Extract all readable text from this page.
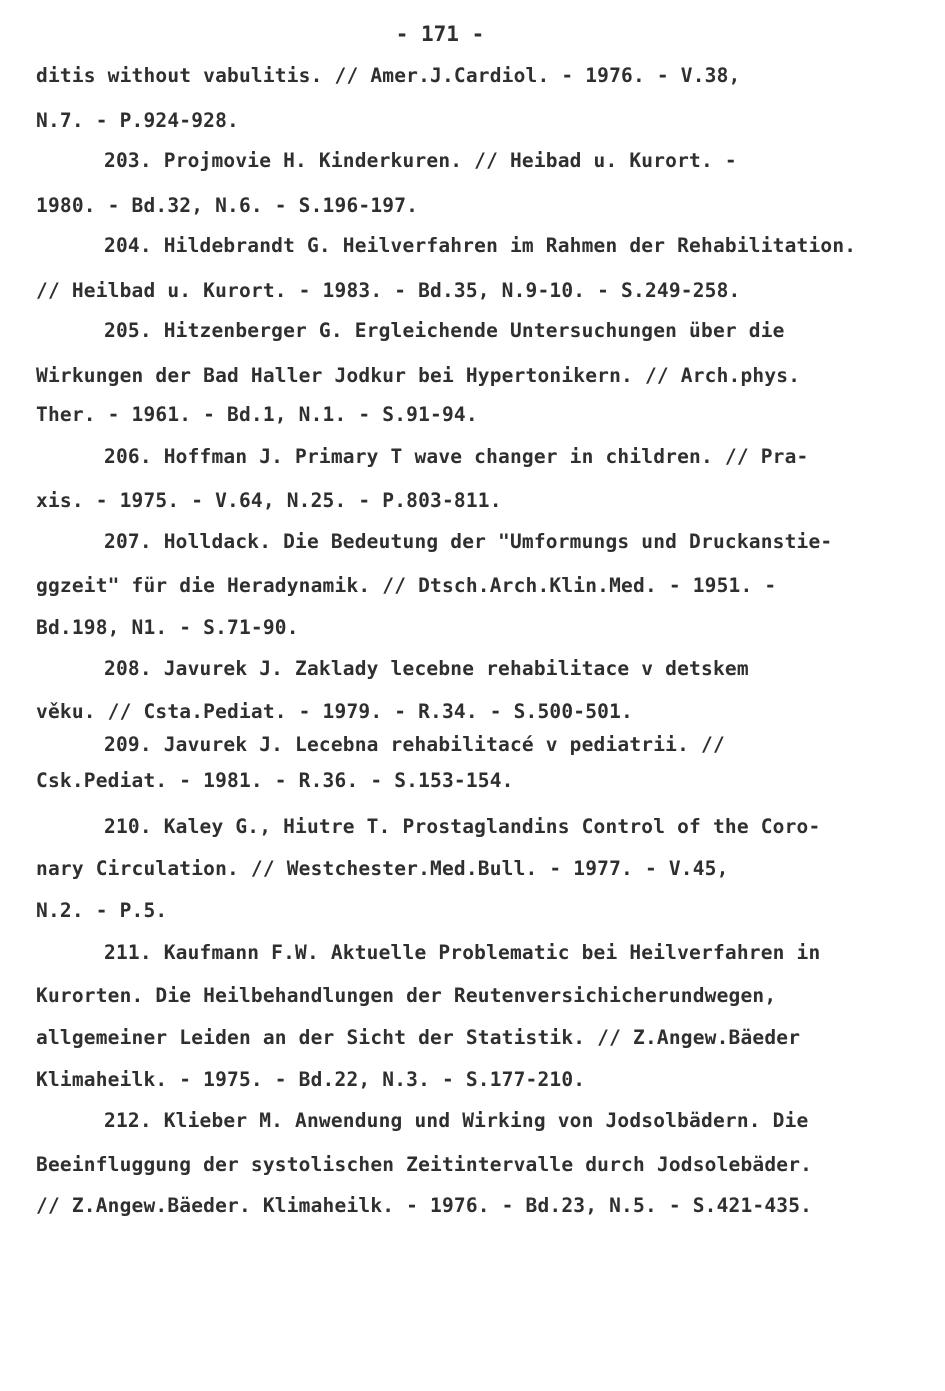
- 171 -
ditis without vabulitis. // Amer.J.Cardiol. - 1976. - V.38,
N.7. - P.924-928.
203. Projmovie H. Kinderkuren. // Heibad u. Kurort. -
1980. - Bd.32, N.6. - S.196-197.
204. Hildebrandt G. Heilverfahren im Rahmen der Rehabilitation.
// Heilbad u. Kurort. - 1983. - Bd.35, N.9-10. - S.249-258.
205. Hitzenberger G. Ergleichende Untersuchungen über die
Wirkungen der Bad Haller Jodkur bei Hypertonikern. // Arch.phys.
Ther. - 1961. - Bd.1, N.1. - S.91-94.
206. Hoffman J. Primary T wave changer in children. // Pra-
xis. - 1975. - V.64, N.25. - P.803-811.
207. Holldack. Die Bedeutung der "Umformungs und Druckanstie-
ggzeit" für die Heradynamik. // Dtsch.Arch.Klin.Med. - 1951. -
Bd.198, N1. - S.71-90.
208. Javurek J. Zaklady lecebne rehabilitace v detskem
věku. // Csta.Pediat. - 1979. - R.34. - S.500-501.
209. Javurek J. Lecebna rehabilitacé v pediatrii. //
Csk.Pediat. - 1981. - R.36. - S.153-154.
210. Kaley G., Hiutre T. Prostaglandins Control of the Coro-
nary Circulation. // Westchester.Med.Bull. - 1977. - V.45,
N.2. - P.5.
211. Kaufmann F.W. Aktuelle Problematic bei Heilverfahren in
Kurorten. Die Heilbehandlungen der Reutenversichicherundwegen,
allgemeiner Leiden an der Sicht der Statistik. // Z.Angew.Bäeder
Klimaheilk. - 1975. - Bd.22, N.3. - S.177-210.
212. Klieber M. Anwendung und Wirking von Jodsolbädern. Die
Beeinfluggung der systolischen Zeitintervalle durch Jodsolebäder.
// Z.Angew.Bäeder. Klimaheilk. - 1976. - Bd.23, N.5. - S.421-435.
